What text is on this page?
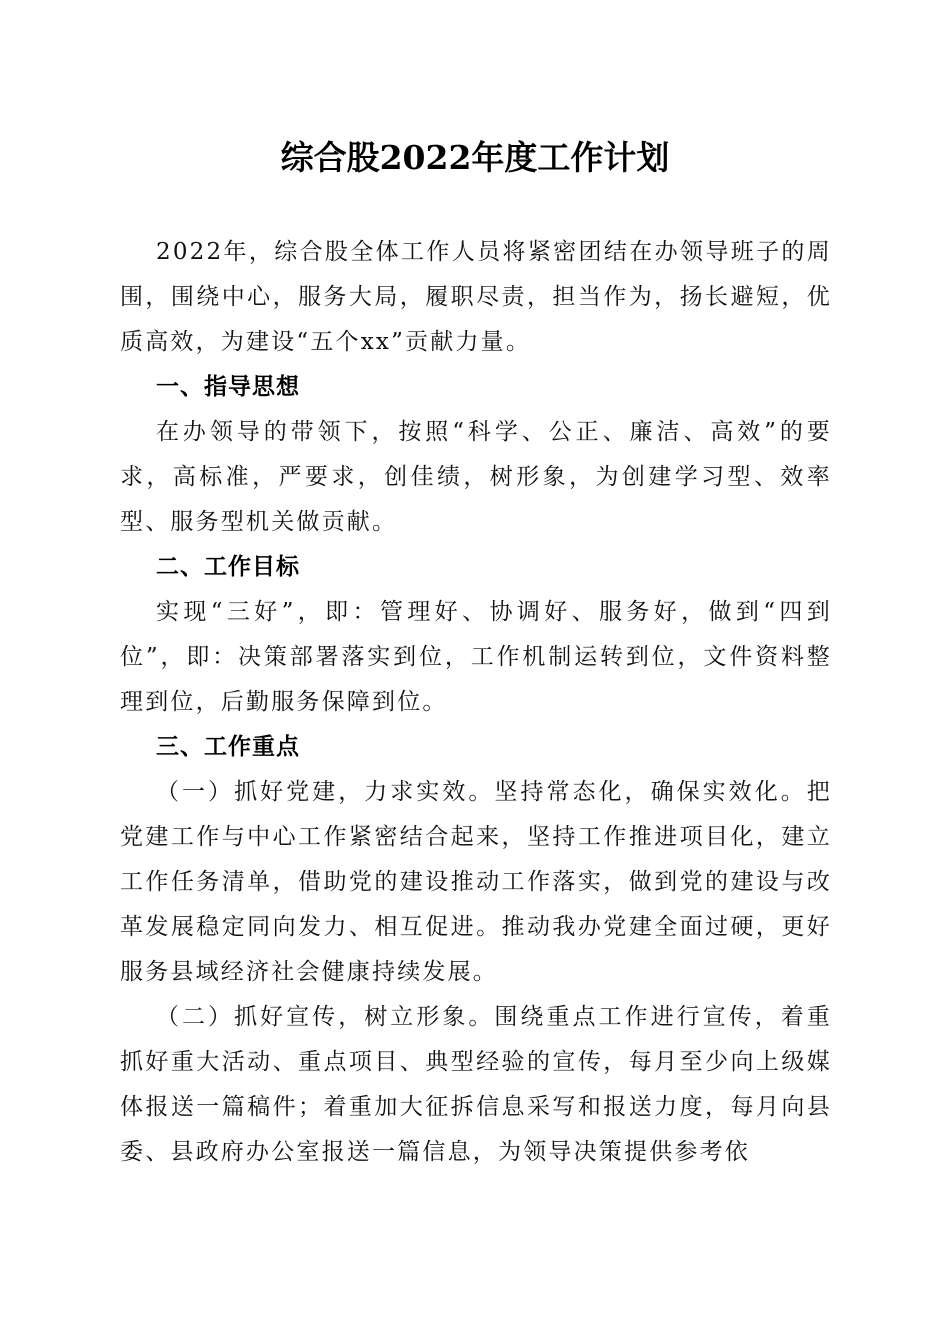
综合股2022年度工作计划

2022年，综合股全体工作人员将紧密团结在办领导班子的周围，围绕中心，服务大局，履职尽责，担当作为，扬长避短，优质高效，为建设“五个xx”贡献力量。

一、指导思想

在办领导的带领下，按照“科学、公正、廉洁、高效”的要求，高标准，严要求，创佳绩，树形象，为创建学习型、效率型、服务型机关做贡献。

二、工作目标

实现“三好”，即：管理好、协调好、服务好，做到“四到位”，即：决策部署落实到位，工作机制运转到位，文件资料整理到位，后勤服务保障到位。

三、工作重点

（一）抓好党建，力求实效。坚持常态化，确保实效化。把党建工作与中心工作紧密结合起来，坚持工作推进项目化，建立工作任务清单，借助党的建设推动工作落实，做到党的建设与改革发展稳定同向发力、相互促进。推动我办党建全面过硬，更好服务县域经济社会健康持续发展。

（二）抓好宣传，树立形象。围绕重点工作进行宣传，着重抓好重大活动、重点项目、典型经验的宣传，每月至少向上级媒体报送一篇稿件；着重加大征拆信息采写和报送力度，每月向县委、县政府办公室报送一篇信息，为领导决策提供参考依
